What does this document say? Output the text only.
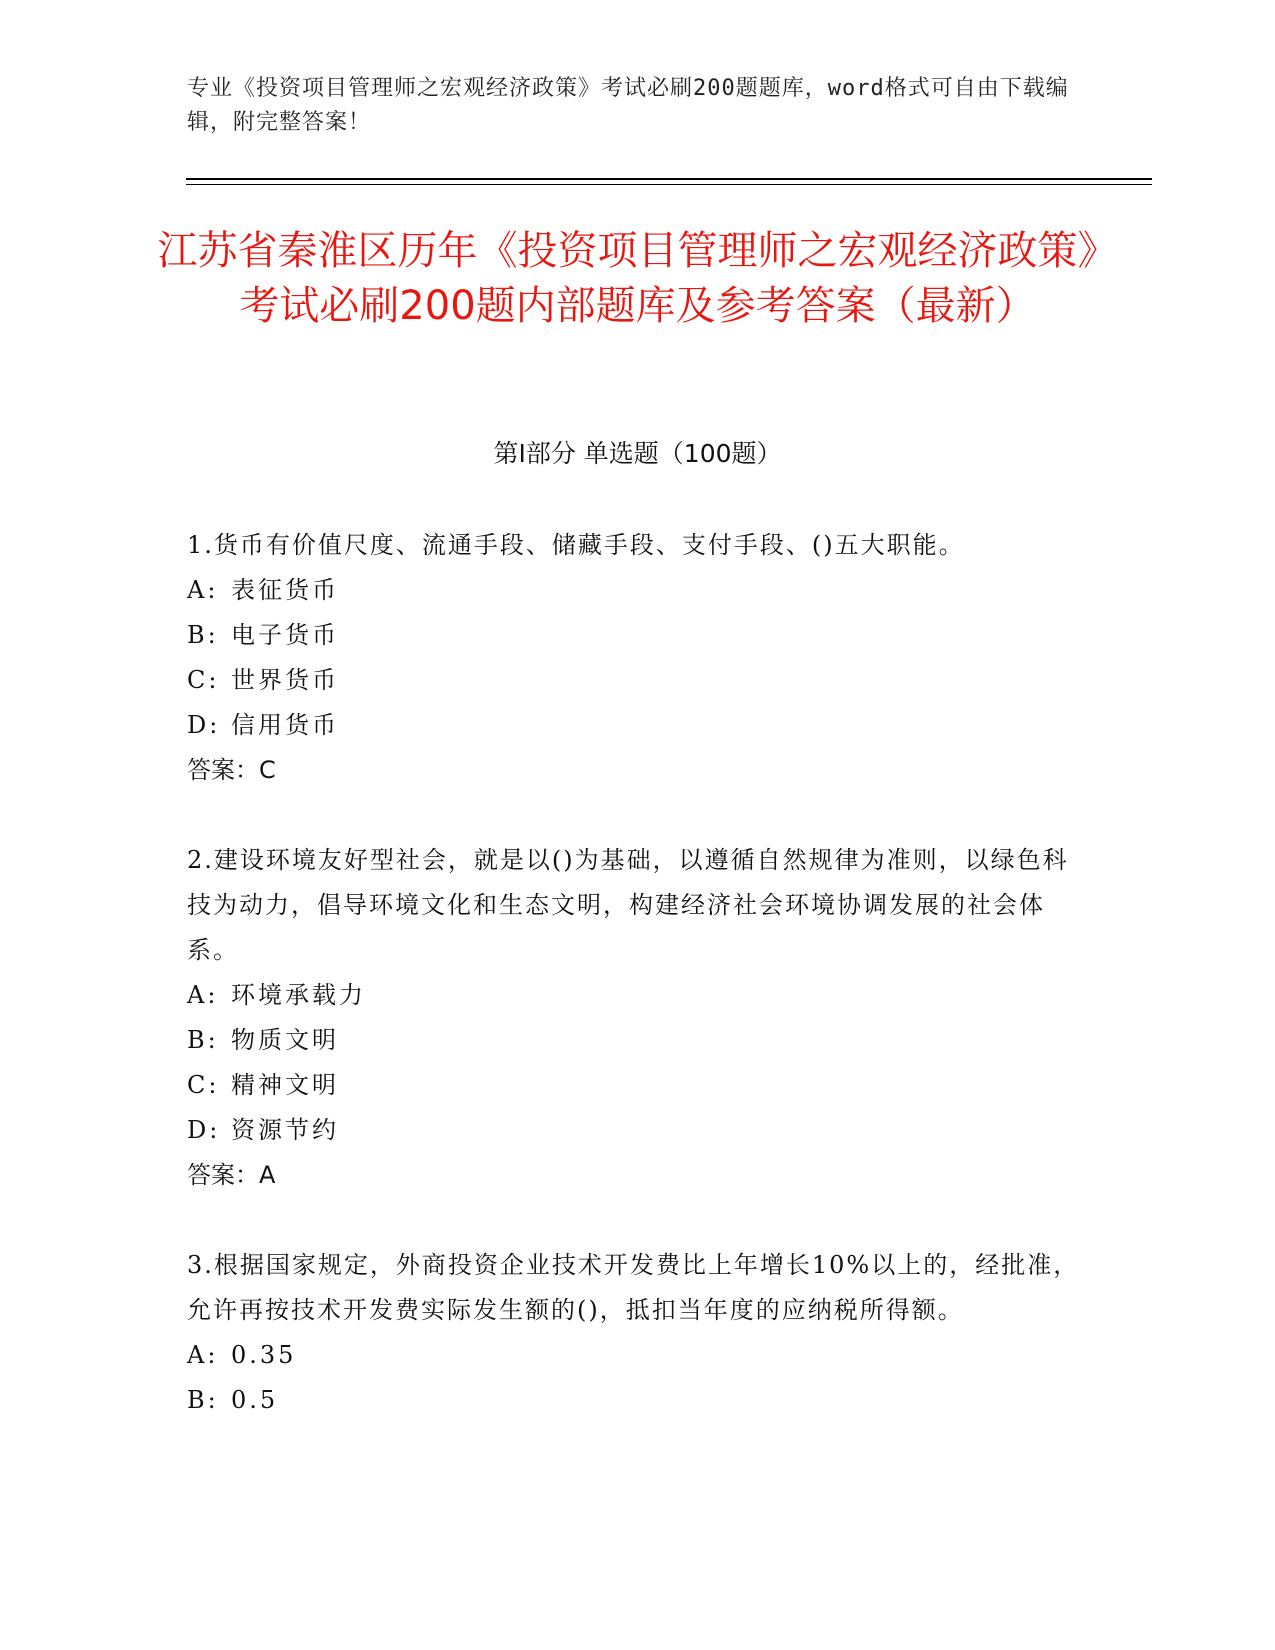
专业《投资项目管理师之宏观经济政策》考试必刷200题题库，word格式可自由下载编辑，附完整答案！
江苏省秦淮区历年《投资项目管理师之宏观经济政策》考试必刷200题内部题库及参考答案（最新）
第I部分 单选题（100题）

1.货币有价值尺度、流通手段、储藏手段、支付手段、()五大职能。

A: 表征货币
B: 电子货币
C: 世界货币
D: 信用货币
答案：C

2.建设环境友好型社会，就是以()为基础，以遵循自然规律为准则，以绿色科技为动力，倡导环境文化和生态文明，构建经济社会环境协调发展的社会体系。

A: 环境承载力
B: 物质文明
C: 精神文明
D: 资源节约
答案：A

3.根据国家规定，外商投资企业技术开发费比上年增长10%以上的，经批准，允许再按技术开发费实际发生额的()，抵扣当年度的应纳税所得额。

A: 0.35
B: 0.5
